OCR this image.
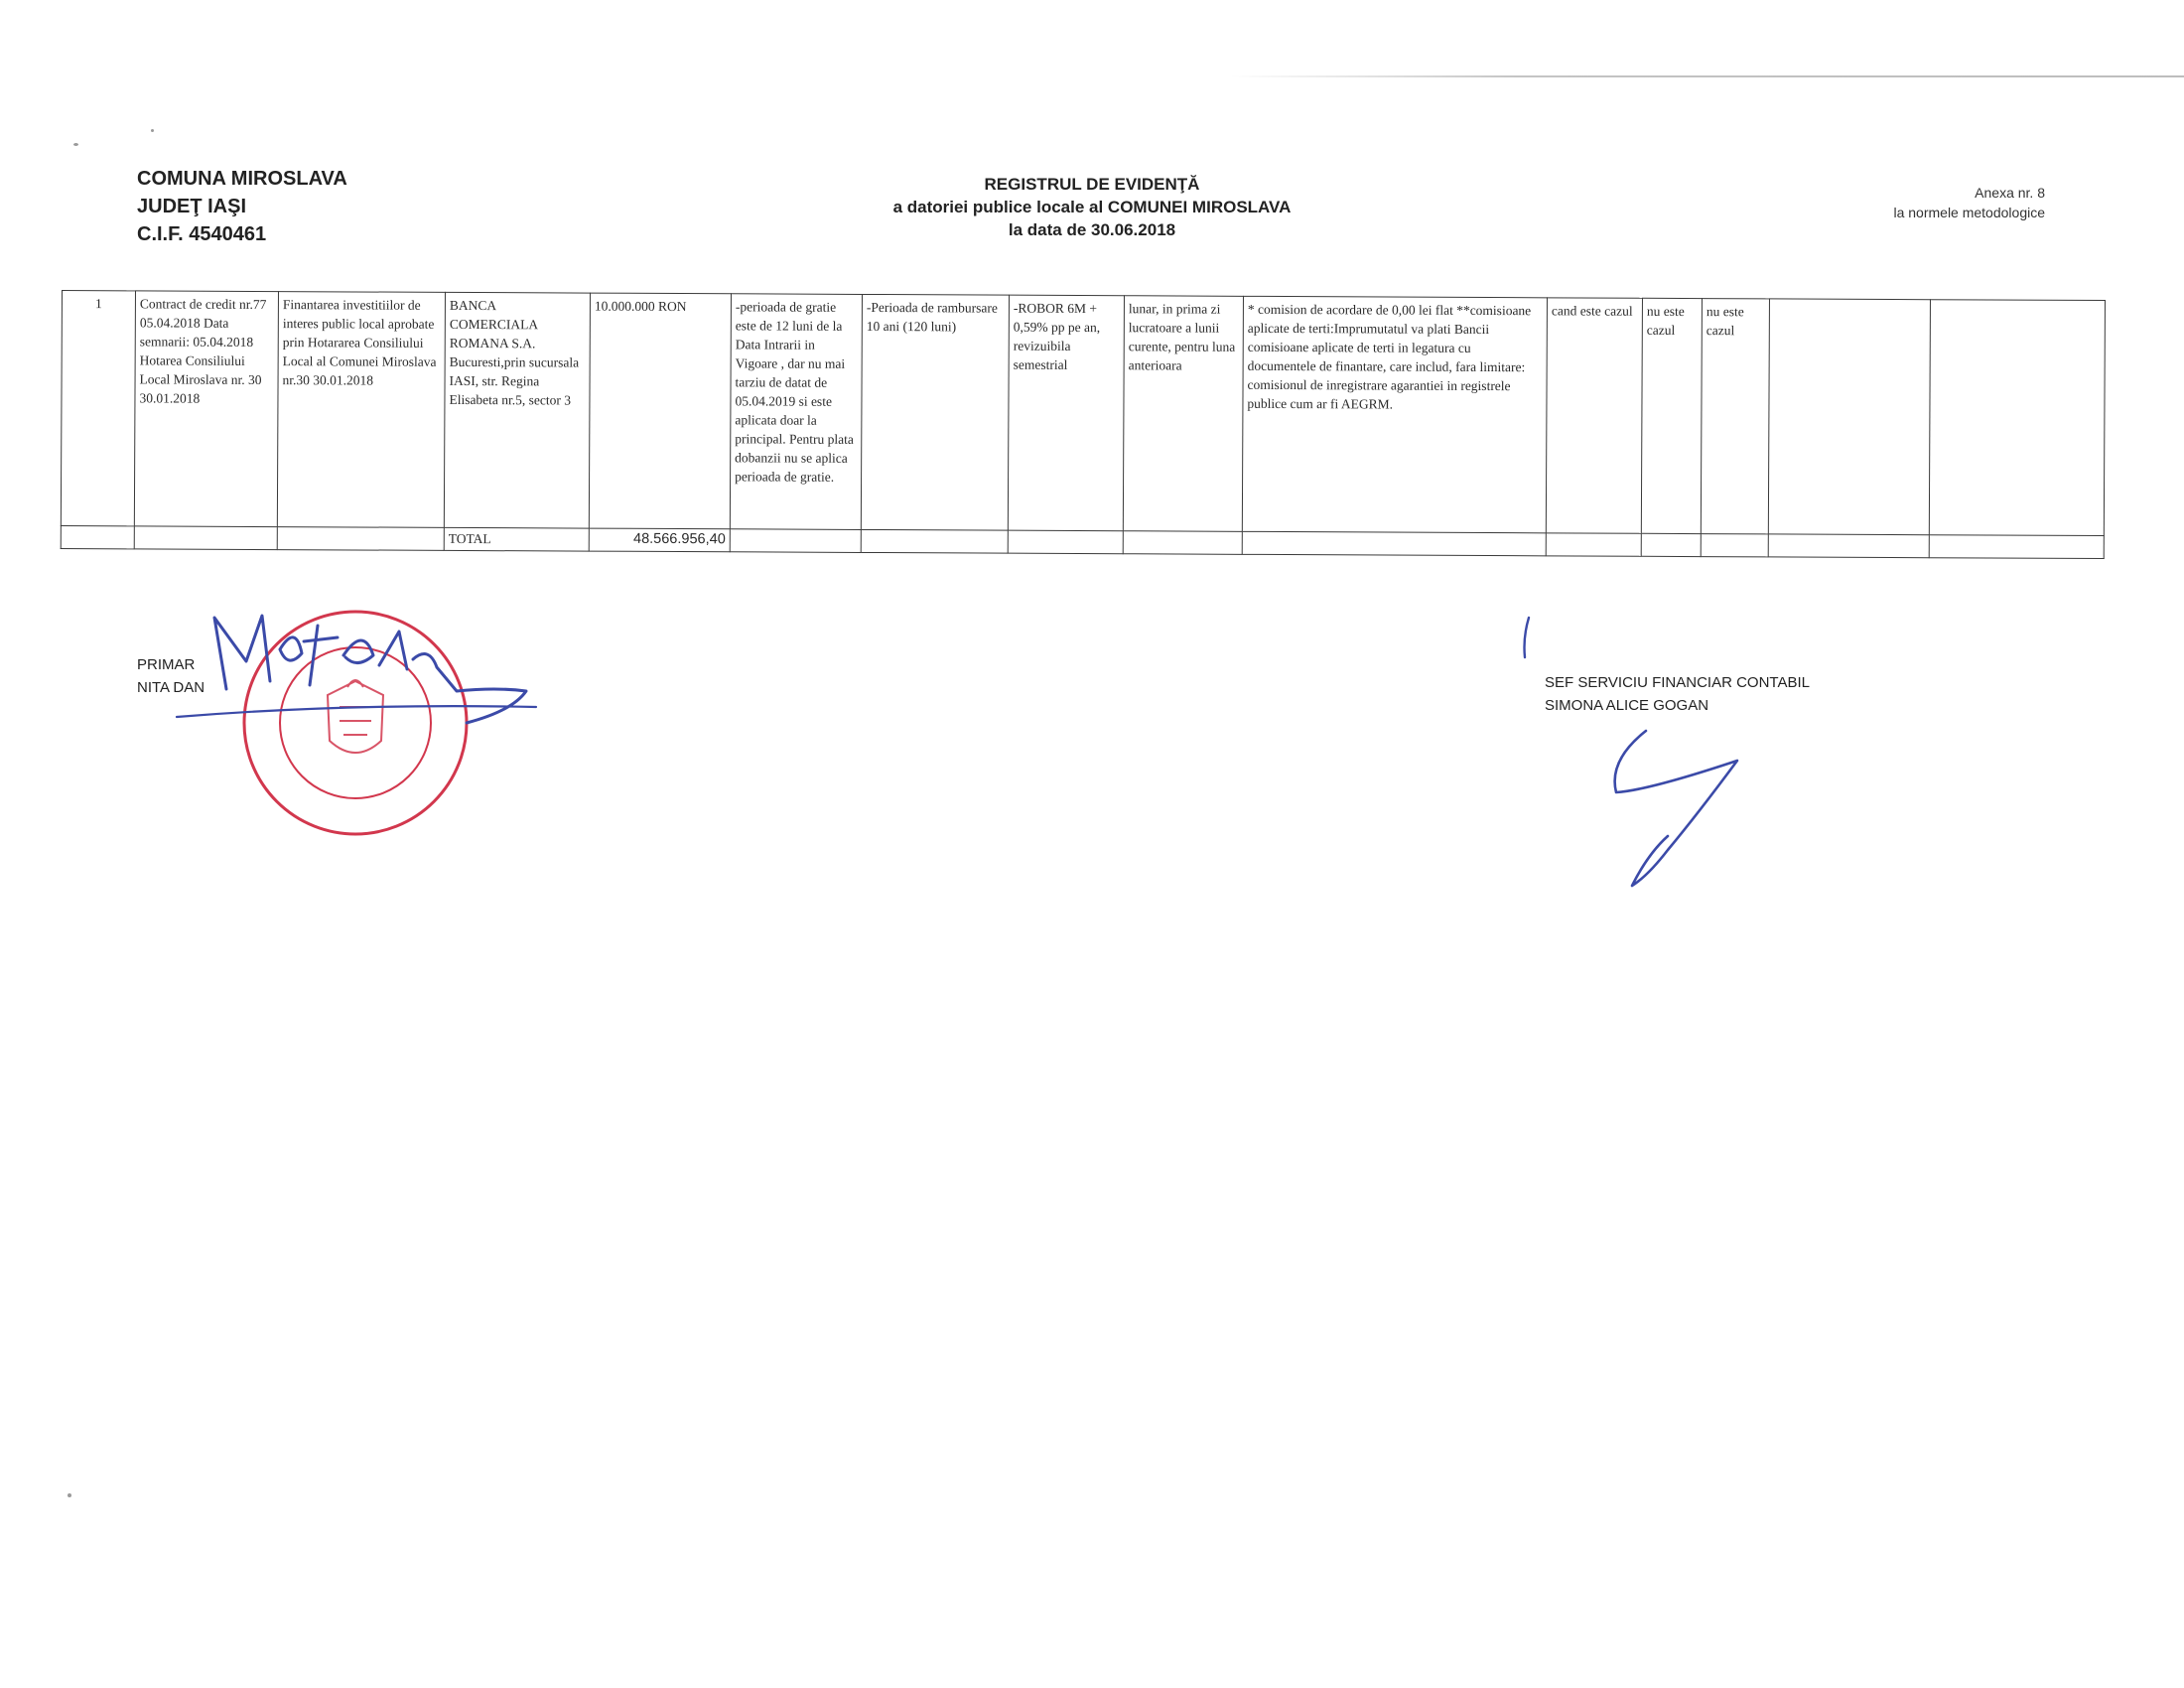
COMUNA MIROSLAVA
JUDEŢ IAŞI
C.I.F. 4540461
REGISTRUL DE EVIDENŢĂ
a datoriei publice locale al COMUNEI MIROSLAVA
la data de 30.06.2018
Anexa nr. 8
la normele metodologice
1	Contract de credit nr.77 05.04.2018 Data semnarii: 05.04.2018 Hotarea Consiliului Local Miroslava nr. 30 30.01.2018	Finantarea investitiilor de interes public local aprobate prin Hotararea Consiliului Local al Comunei Miroslava nr.30 30.01.2018	BANCA COMERCIALA ROMANA S.A. Bucuresti,prin sucursala IASI, str. Regina Elisabeta nr.5, sector 3	10.000.000 RON	-perioada de gratie este de 12 luni de la Data Intrarii in Vigoare , dar nu mai tarziu de datat de 05.04.2019 si este aplicata doar la principal. Pentru plata dobanzii nu se aplica perioada de gratie.	-Perioada de rambursare 10 ani (120 luni)	-ROBOR 6M + 0,59% pp pe an, revizuibila semestrial	lunar, in prima zi lucratoare a lunii curente, pentru luna anterioara	* comision de acordare de 0,00 lei flat **comisioane aplicate de terti:Imprumutatul va plati Bancii comisioane aplicate de terti in legatura cu documentele de finantare, care includ, fara limitare: comisionul de inregistrare agarantiei in registrele publice cum ar fi AEGRM.	cand este cazul	nu este cazul	nu este cazul		
			TOTAL	48.566.956,40										
PRIMAR
NITA DAN	SEF SERVICIU FINANCIAR CONTABIL
SIMONA ALICE GOGAN
